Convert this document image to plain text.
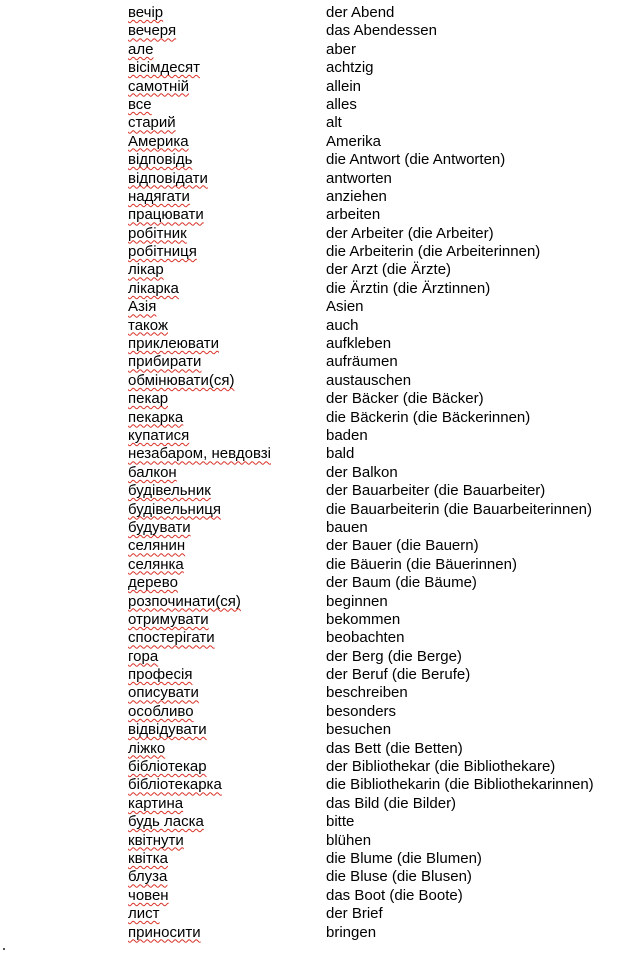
вечір	der Abend
вечеря	das Abendessen
але	aber
вісімдесят	achtzig
самотній	allein
все	alles
старий	alt
Америка	Amerika
відповідь	die Antwort (die Antworten)
відповідати	antworten
надягати	anziehen
працювати	arbeiten
робітник	der Arbeiter (die Arbeiter)
робітниця	die Arbeiterin (die Arbeiterinnen)
лікар	der Arzt (die Ärzte)
лікарка	die Ärztin (die Ärztinnen)
Азія	Asien
також	auch
приклеювати	aufkleben
прибирати	aufräumen
обмінювати(ся)	austauschen
пекар	der Bäcker (die Bäcker)
пекарка	die Bäckerin (die Bäckerinnen)
купатися	baden
незабаром, невдовзі	bald
балкон	der Balkon
будівельник	der Bauarbeiter (die Bauarbeiter)
будівельниця	die Bauarbeiterin (die Bauarbeiterinnen)
будувати	bauen
селянин	der Bauer (die Bauern)
селянка	die Bäuerin (die Bäuerinnen)
дерево	der Baum (die Bäume)
розпочинати(ся)	beginnen
отримувати	bekommen
спостерігати	beobachten
гора	der Berg (die Berge)
професія	der Beruf (die Berufe)
описувати	beschreiben
особливо	besonders
відвідувати	besuchen
ліжко	das Bett (die Betten)
бібліотекар	der Bibliothekar (die Bibliothekare)
бібліотекарка	die Bibliothekarin (die Bibliothekarinnen)
картина	das Bild (die Bilder)
будь ласка	bitte
квітнути	blühen
квітка	die Blume (die Blumen)
блуза	die Bluse (die Blusen)
човен	das Boot (die Boote)
лист	der Brief
приносити	bringen
